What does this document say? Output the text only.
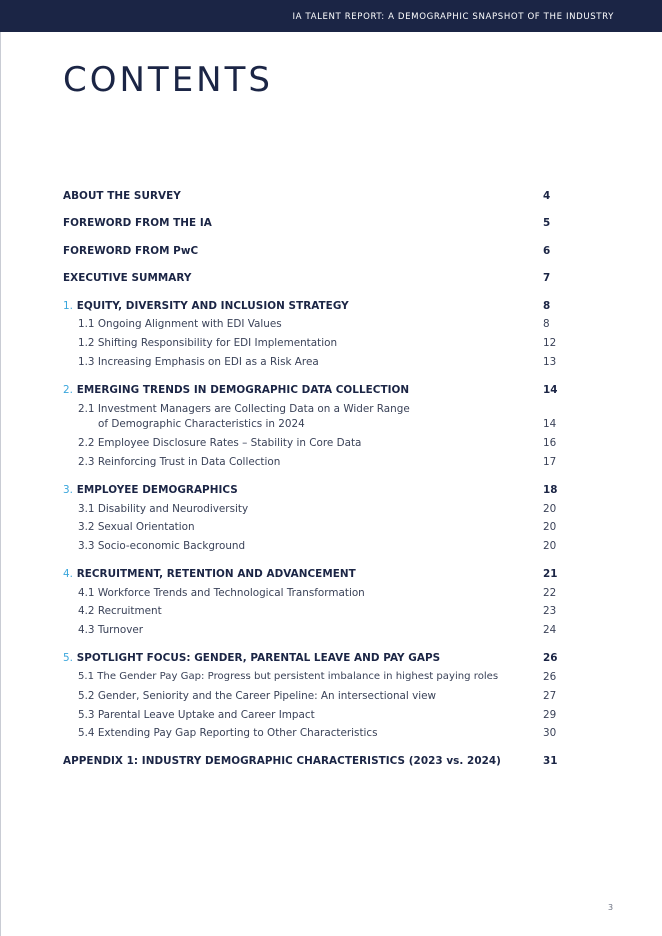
IA TALENT REPORT: A DEMOGRAPHIC SNAPSHOT OF THE INDUSTRY
CONTENTS
ABOUT THE SURVEY	4
FOREWORD FROM THE IA	5
FOREWORD FROM PwC	6
EXECUTIVE SUMMARY	7
1. EQUITY, DIVERSITY AND INCLUSION STRATEGY	8
1.1 Ongoing Alignment with EDI Values	8
1.2 Shifting Responsibility for EDI Implementation	12
1.3 Increasing Emphasis on EDI as a Risk Area	13
2. EMERGING TRENDS IN DEMOGRAPHIC DATA COLLECTION	14
2.1 Investment Managers are Collecting Data on a Wider Range
of Demographic Characteristics in 2024	14
2.2 Employee Disclosure Rates – Stability in Core Data	16
2.3 Reinforcing Trust in Data Collection	17
3. EMPLOYEE DEMOGRAPHICS	18
3.1 Disability and Neurodiversity	20
3.2 Sexual Orientation	20
3.3 Socio-economic Background	20
4. RECRUITMENT, RETENTION AND ADVANCEMENT	21
4.1 Workforce Trends and Technological Transformation	22
4.2 Recruitment	23
4.3 Turnover	24
5. SPOTLIGHT FOCUS: GENDER, PARENTAL LEAVE AND PAY GAPS	26
5.1 The Gender Pay Gap: Progress but persistent imbalance in highest paying roles	26
5.2 Gender, Seniority and the Career Pipeline: An intersectional view	27
5.3 Parental Leave Uptake and Career Impact	29
5.4 Extending Pay Gap Reporting to Other Characteristics	30
APPENDIX 1: INDUSTRY DEMOGRAPHIC CHARACTERISTICS (2023 vs. 2024)	31
3
